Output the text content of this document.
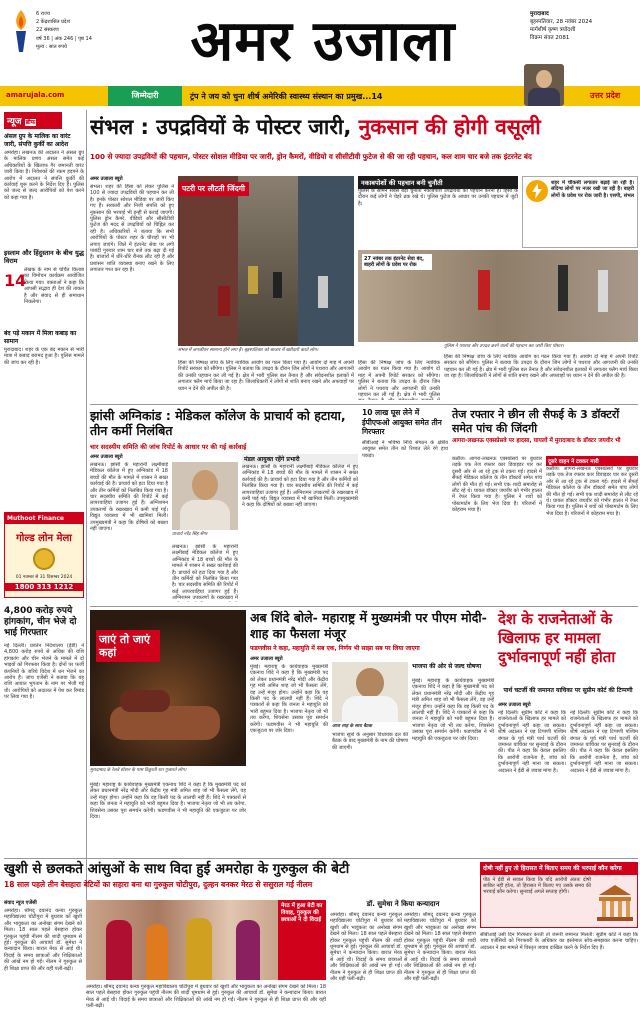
6 राज्य
2 केंद्रशासित प्रदेश
22 संस्करण
वर्ष 36 | अंक 246 | पृष्ठ 14
मूल्य : सात रुपये	अमर उजाला	मुरादाबाद
बृहस्पतिवार, 28 नवंबर 2024
मार्गशीर्ष कृष्ण त्रयोदशी
विक्रम संवत 2081
amarujala.com	जिम्मेदारी	ट्रंप ने जय को चुना शीर्ष अमेरिकी स्वास्थ्य संस्थान का प्रमुख...14	उत्तर प्रदेश
न्यूज ब्रीफ
अंसल ग्रुप के मालिक का वारंट जारी, संपत्ति कुर्की का आदेश
अमरोहा। लखनऊ की अदालत ने अंसल ग्रुप के मालिक प्रणव अंसल समेत कई अधिकारियों के खिलाफ गैर जमानती वारंट जारी किया है। निवेशकों की रकम हड़पने के आरोप में अदालत ने संपत्ति कुर्की की कार्रवाई शुरू करने के निर्देश दिए हैं। पुलिस को जल्द से जल्द आरोपियों को पेश करने को कहा गया है।
इस्लाम और हिंदुस्तान के बीच युद्ध विराम
14
लेखक के नाम से चर्चित किताब का विमोचन कार्यक्रम आयोजित किया गया। वक्ताओं ने कहा कि आपसी सद्भाव ही देश की ताकत है और संवाद से ही समाधान निकलेगा।
बंद पड़े मकान में मिला कबाड़ का सामान
मुरादाबाद। शहर के एक बंद मकान से भारी मात्रा में कबाड़ बरामद हुआ है। पुलिस मामले की जांच कर रही है।
Muthoot Finance
गोल्ड लोन मेला
01 नवम्बर से 31 दिसम्बर 2024
1800 313 1212
4,800 करोड़ रुपये हांगकांग, चीन भेजे दो भाई गिरफ्तार
नई दिल्ली। प्रवर्तन निदेशालय (ईडी) ने 4,800 करोड़ रुपये से अधिक की राशि हांगकांग और चीन भेजने के मामले में दो भाइयों को गिरफ्तार किया है। दोनों पर फर्जी कंपनियों के जरिये विदेश में धन भेजने का आरोप है। जांच एजेंसी ने बताया कि यह राशि आयात भुगतान के नाम पर भेजी गई थी। आरोपियों को अदालत में पेश कर रिमांड पर लिया गया है।
संभल : उपद्रवियों के पोस्टर जारी, नुकसान की होगी वसूली
100 से ज्यादा उपद्रवियों की पहचान, पोस्टर सोशल मीडिया पर जारी, ड्रोन कैमरों, वीडियो व सीसीटीवी फुटेज से की जा रही पहचान, कल शाम चार बजे तक इंटरनेट बंद
अमर उजाला ब्यूरो
संभल। शहर की हिंसा को लेकर पुलिस ने 100 से ज्यादा उपद्रवियों की पहचान कर ली है। इनके पोस्टर सोशल मीडिया पर जारी किए गए हैं। सरकारी और निजी संपत्ति को हुए नुकसान की भरपाई भी इन्हीं से कराई जाएगी। पुलिस ड्रोन कैमरे, वीडियो और सीसीटीवी फुटेज की मदद से उपद्रवियों को चिह्नित कर रही है। अधिकारियों ने बताया कि सभी आरोपियों के पोस्टर शहर के चौराहों पर भी लगाए जाएंगे। जिले में इंटरनेट सेवा पर लगी पाबंदी गुरुवार शाम चार बजे तक बढ़ा दी गई है। बाजारों में धीरे-धीरे रौनक लौट रही है और प्रशासन शांति व्यवस्था बनाए रखने के लिए लगातार गश्त कर रहा है।
पटरी पर लौटती जिंदगी
संभल में जनजीवन सामान्य होने लगा है। बृहस्पतिवार को बाजार में खरीदारी करते लोग।
हिंसा की निष्पक्ष जांच के लिए न्यायिक आयोग का गठन किया गया है। आयोग दो माह में अपनी रिपोर्ट सरकार को सौंपेगा। पुलिस ने बताया कि उपद्रव के दौरान जिन लोगों ने पथराव और आगजनी की उनकी पहचान कर ली गई है। क्षेत्र में भारी पुलिस बल तैनात है और संवेदनशील इलाकों में लगातार फ्लैग मार्च किया जा रहा है। जिलाधिकारी ने लोगों से शांति बनाए रखने और अफवाहों पर ध्यान न देने की अपील की है।
हिंसा की निष्पक्ष जांच के लिए न्यायिक आयोग का गठन किया गया है। आयोग दो माह में अपनी रिपोर्ट सरकार को सौंपेगा। पुलिस ने बताया कि उपद्रव के दौरान जिन लोगों ने पथराव और आगजनी की उनकी पहचान कर ली गई है। क्षेत्र में भारी पुलिस
नकाबपोशों की पहचान बनी चुनौती
पुलिस के सामने सबसे बड़ी चुनौती नकाबपोश उपद्रवियों की पहचान करना है। हिंसा के दौरान कई लोगों ने चेहरे ढक रखे थे। पुलिस फुटेज के आधार पर उनकी पहचान में जुटी है।
27 नवंबर तक इंटरनेट सेवा बंद, बाहरी लोगों के प्रवेश पर रोक
पुलिस ने पथराव और उपद्रव करने वालों की पहचान कर जारी किए पोस्टर।
हिंसा की निष्पक्ष जांच के लिए न्यायिक आयोग का गठन किया गया है। आयोग दो माह में अपनी रिपोर्ट सरकार को सौंपेगा। पुलिस ने बताया कि उपद्रव के दौरान जिन लोगों ने पथराव और आगजनी की उनकी पहचान कर ली गई है। क्षेत्र में भारी पुलिस बल तैनात है और संवेदनशील इलाकों में लगातार फ्लैग मार्च किया जा रहा है। जिलाधिकारी ने लोगों से शांति बनाए रखने और अफवाहों पर ध्यान न देने की अपील की है।
शहर में चौकसी लगातार बढ़ाई जा रही है। संदिग्ध लोगों पर नजर रखी जा रही है। बाहरी लोगों के प्रवेश पर रोक जारी है। एसपी, संभल
झांसी अग्निकांड : मेडिकल कॉलेज के प्राचार्य को हटाया, तीन कर्मी निलंबित
चार सदस्यीय समिति की जांच रिपोर्ट के आधार पर की गई कार्रवाई
अमर उजाला ब्यूरो
लखनऊ। झांसी के महारानी लक्ष्मीबाई मेडिकल कॉलेज में हुए अग्निकांड में 18 बच्चों की मौत के मामले में शासन ने सख्त कार्रवाई की है। प्राचार्य को हटा दिया गया है और तीन कर्मियों को निलंबित किया गया है। चार सदस्यीय समिति की रिपोर्ट में कई लापरवाहियां उजागर हुई हैं। अग्निशमन उपकरणों के रखरखाव में कमी पाई गई। विद्युत व्यवस्था में भी खामियां मिलीं। उपमुख्यमंत्री ने कहा कि दोषियों को बख्शा नहीं जाएगा।
प्राचार्य नरेंद्र सिंह सेंगर
मंडल आयुक्त रहेंगे प्रभारी
लखनऊ। झांसी के महारानी लक्ष्मीबाई मेडिकल कॉलेज में हुए अग्निकांड में 18 बच्चों की मौत के मामले में शासन ने सख्त कार्रवाई की है। प्राचार्य को हटा दिया गया है और तीन कर्मियों को निलंबित किया गया है। चार सदस्यीय समिति की रिपोर्ट में कई लापरवाहियां उजागर हुई हैं। अग्निशमन उपकरणों के रखरखाव में कमी पाई गई। विद्युत व्यवस्था में भी खामियां मिलीं। उपमुख्यमंत्री ने कहा कि दोषियों को बख्शा नहीं जाएगा।
लखनऊ। झांसी के महारानी लक्ष्मीबाई मेडिकल कॉलेज में हुए अग्निकांड में 18 बच्चों की मौत के मामले में शासन ने सख्त कार्रवाई की है। प्राचार्य को हटा दिया गया है और तीन कर्मियों को निलंबित किया गया है। चार सदस्यीय समिति की रिपोर्ट में कई लापरवाहियां उजागर हुई हैं। अग्निशमन उपकरणों के रखरखाव में
10 लाख घूस लेने में ईपीएफओ आयुक्त समेत तीन गिरफ्तार
सीबीआई ने भविष्य निधि संगठन के क्षेत्रीय आयुक्त समेत तीन को रिश्वत लेते रंगे हाथ पकड़ा।
तेज रफ्तार ने छीन ली सैफई के 3 डॉक्टरों समेत पांच की जिंदगी
आगरा-लखनऊ एक्सप्रेसवे पर हादसा, घायलों में मुरादाबाद के डॉक्टर जयवीर भी
कन्नौज। आगरा-लखनऊ एक्सप्रेसवे पर बुधवार तड़के एक तेज रफ्तार कार डिवाइडर पार कर दूसरी ओर से आ रहे ट्रक से टकरा गई। हादसे में सैफई मेडिकल कॉलेज के तीन डॉक्टरों समेत पांच लोगों की मौत हो गई। सभी एक शादी समारोह से लौट रहे थे। घायल डॉक्टर जयवीर को गंभीर हालत में रेफर किया गया है। पुलिस ने शवों को पोस्टमार्टम के लिए भेज दिया है। परिजनों में कोहराम मचा है।
दूसरे वाहन ने टक्कर मारी
कन्नौज। आगरा-लखनऊ एक्सप्रेसवे पर बुधवार तड़के एक तेज रफ्तार कार डिवाइडर पार कर दूसरी ओर से आ रहे ट्रक से टकरा गई। हादसे में सैफई मेडिकल कॉलेज के तीन डॉक्टरों समेत पांच लोगों की मौत हो गई। सभी एक शादी समारोह से लौट रहे थे। घायल डॉक्टर जयवीर को गंभीर हालत में रेफर किया गया है। पुलिस ने शवों को पोस्टमार्टम के लिए भेज दिया है। परिजनों में कोहराम मचा है।
अब शिंदे बोले- महाराष्ट्र में मुख्यमंत्री पर पीएम मोदी-शाह का फैसला मंजूर
फडणवीस ने कहा, महायुति में सब एक, निर्णय भी साझा सब पर लिया जाएगा
अमर उजाला ब्यूरो
मुंबई। महाराष्ट्र के कार्यवाहक मुख्यमंत्री एकनाथ शिंदे ने कहा है कि मुख्यमंत्री पद को लेकर प्रधानमंत्री नरेंद्र मोदी और केंद्रीय गृह मंत्री अमित शाह जो भी फैसला लेंगे, वह उन्हें मंजूर होगा। उन्होंने कहा कि वह किसी पद के लालची नहीं हैं। शिंदे ने पत्रकारों से कहा कि जनता ने महायुति को भारी बहुमत दिया है। भाजपा नेतृत्व जो भी तय करेगा, शिवसेना उसका पूरा समर्थन करेगी। फडणवीस ने भी महायुति की एकजुटता पर जोर दिया।
आज शाह के साथ बैठक
भाजपा सूत्रों के अनुसार विधायक दल की बैठक के बाद मुख्यमंत्री के नाम की घोषणा की जाएगी।
भाजपा की ओर से जल्द घोषणा
मुंबई। महाराष्ट्र के कार्यवाहक मुख्यमंत्री एकनाथ शिंदे ने कहा है कि मुख्यमंत्री पद को लेकर प्रधानमंत्री नरेंद्र मोदी और केंद्रीय गृह मंत्री अमित शाह जो भी फैसला लेंगे, वह उन्हें मंजूर होगा। उन्होंने कहा कि वह किसी पद के लालची नहीं हैं। शिंदे ने पत्रकारों से कहा कि जनता ने महायुति को भारी बहुमत दिया है। भाजपा नेतृत्व जो भी तय करेगा, शिवसेना उसका पूरा समर्थन करेगी। फडणवीस ने भी महायुति की एकजुटता पर जोर दिया।
जाएं तो जाएं कहां
मुरादाबाद के रेलवे स्टेशन के पास ठिठुरती रात गुजारते लोग।
मुंबई। महाराष्ट्र के कार्यवाहक मुख्यमंत्री एकनाथ शिंदे ने कहा है कि मुख्यमंत्री पद को लेकर प्रधानमंत्री नरेंद्र मोदी और केंद्रीय गृह मंत्री अमित शाह जो भी फैसला लेंगे, वह उन्हें मंजूर होगा। उन्होंने कहा कि वह किसी पद के लालची नहीं हैं। शिंदे ने पत्रकारों से कहा कि जनता ने महायुति को भारी बहुमत दिया है। भाजपा नेतृत्व जो भी तय करेगा, शिवसेना उसका पूरा समर्थन करेगी। फडणवीस ने भी महायुति की एकजुटता पर जोर दिया।
देश के राजनेताओं के खिलाफ हर मामला दुर्भावनापूर्ण नहीं होता
पार्थ चटर्जी की जमानत याचिका पर सुप्रीम कोर्ट की टिप्पणी
अमर उजाला ब्यूरो
नई दिल्ली। सुप्रीम कोर्ट ने कहा कि राजनेताओं के खिलाफ हर मामले को दुर्भावनापूर्ण नहीं कहा जा सकता। शीर्ष अदालत ने यह टिप्पणी पश्चिम बंगाल के पूर्व मंत्री पार्थ चटर्जी की जमानत याचिका पर सुनवाई के दौरान की। पीठ ने कहा कि केवल इसलिए कि आरोपी राजनेता है, जांच को दुर्भावनापूर्ण नहीं माना जा सकता। अदालत ने ईडी से जवाब मांगा है।
नई दिल्ली। सुप्रीम कोर्ट ने कहा कि राजनेताओं के खिलाफ हर मामले को दुर्भावनापूर्ण नहीं कहा जा सकता। शीर्ष अदालत ने यह टिप्पणी पश्चिम बंगाल के पूर्व मंत्री पार्थ चटर्जी की जमानत याचिका पर सुनवाई के दौरान की। पीठ ने कहा कि केवल इसलिए कि आरोपी राजनेता है, जांच को दुर्भावनापूर्ण नहीं माना जा सकता। अदालत ने ईडी से जवाब मांगा है।
खुशी से छलकते आंसुओं के साथ विदा हुई अमरोहा के गुरुकुल की बेटी
18 साल पहले तीन बेसहारा बेटियों का सहारा बना था गुरुकुल चोटीपुरा, दुल्हन बनकर मेरठ से ससुराल गई नीलम
संवाद न्यूज एजेंसी
अमरोहा। श्रीमद् दयानंद कन्या गुरुकुल महाविद्यालय चोटीपुरा में बुधवार को खुशी और भावुकता का अनोखा संगम देखने को मिला। 18 साल पहले बेसहारा होकर गुरुकुल पहुंची नीलम की शादी धूमधाम से हुई। गुरुकुल की आचार्या डॉ. सुमेधा ने कन्यादान किया। बारात मेरठ से आई थी। विदाई के समय छात्राओं और शिक्षिकाओं की आंखें नम हो गईं। नीलम ने गुरुकुल से ही शिक्षा प्राप्त की और यहीं पली-बढ़ी।
मेरठ में हुआ बेटी का विवाह, गुरुकुल की छात्राओं ने दी विदाई
अमरोहा। श्रीमद् दयानंद कन्या गुरुकुल महाविद्यालय चोटीपुरा में बुधवार को खुशी और भावुकता का अनोखा संगम देखने को मिला। 18 साल पहले बेसहारा होकर गुरुकुल पहुंची नीलम की शादी धूमधाम से हुई। गुरुकुल की आचार्या डॉ. सुमेधा ने कन्यादान किया। बारात मेरठ से आई थी। विदाई के समय छात्राओं और शिक्षिकाओं की आंखें नम हो गईं। नीलम ने गुरुकुल से ही शिक्षा प्राप्त की और यहीं पली-बढ़ी।
डॉ. सुमेधा ने किया कन्यादान
अमरोहा। श्रीमद् दयानंद कन्या गुरुकुल महाविद्यालय चोटीपुरा में बुधवार को खुशी और भावुकता का अनोखा संगम देखने को मिला। 18 साल पहले बेसहारा होकर गुरुकुल पहुंची नीलम की शादी धूमधाम से हुई। गुरुकुल की आचार्या डॉ. सुमेधा ने कन्यादान किया। बारात मेरठ से आई थी। विदाई के समय छात्राओं और शिक्षिकाओं की आंखें नम हो गईं। नीलम ने गुरुकुल से ही शिक्षा प्राप्त की और यहीं पली-बढ़ी।
अमरोहा। श्रीमद् दयानंद कन्या गुरुकुल महाविद्यालय चोटीपुरा में बुधवार को खुशी और भावुकता का अनोखा संगम देखने को मिला। 18 साल पहले बेसहारा होकर गुरुकुल पहुंची नीलम की शादी धूमधाम से हुई। गुरुकुल की आचार्या डॉ. सुमेधा ने कन्यादान किया। बारात मेरठ से आई थी। विदाई के समय छात्राओं और शिक्षिकाओं की आंखें नम हो गईं। नीलम ने गुरुकुल से ही शिक्षा प्राप्त की और यहीं पली-बढ़ी।
दोषी नहीं हुए तो हिरासत में बिताए समय की भरपाई कौन करेगा
पीठ ने ईडी से सवाल किया कि यदि आरोपी अंततः दोषी साबित नहीं होता, तो हिरासत में बिताए गए उसके समय की भरपाई कौन करेगा। सुनवाई अगले सप्ताह होगी।
सीबीआई उसी दिन गिरफ्तार करती तो जरूरी जमानत मिलती: सुप्रीम कोर्ट ने कहा कि जांच एजेंसियों को गिरफ्तारी के अधिकार का इस्तेमाल सोच-समझकर करना चाहिए। अदालत ने इस मामले में विस्तृत जवाब दाखिल करने के निर्देश दिए हैं।
